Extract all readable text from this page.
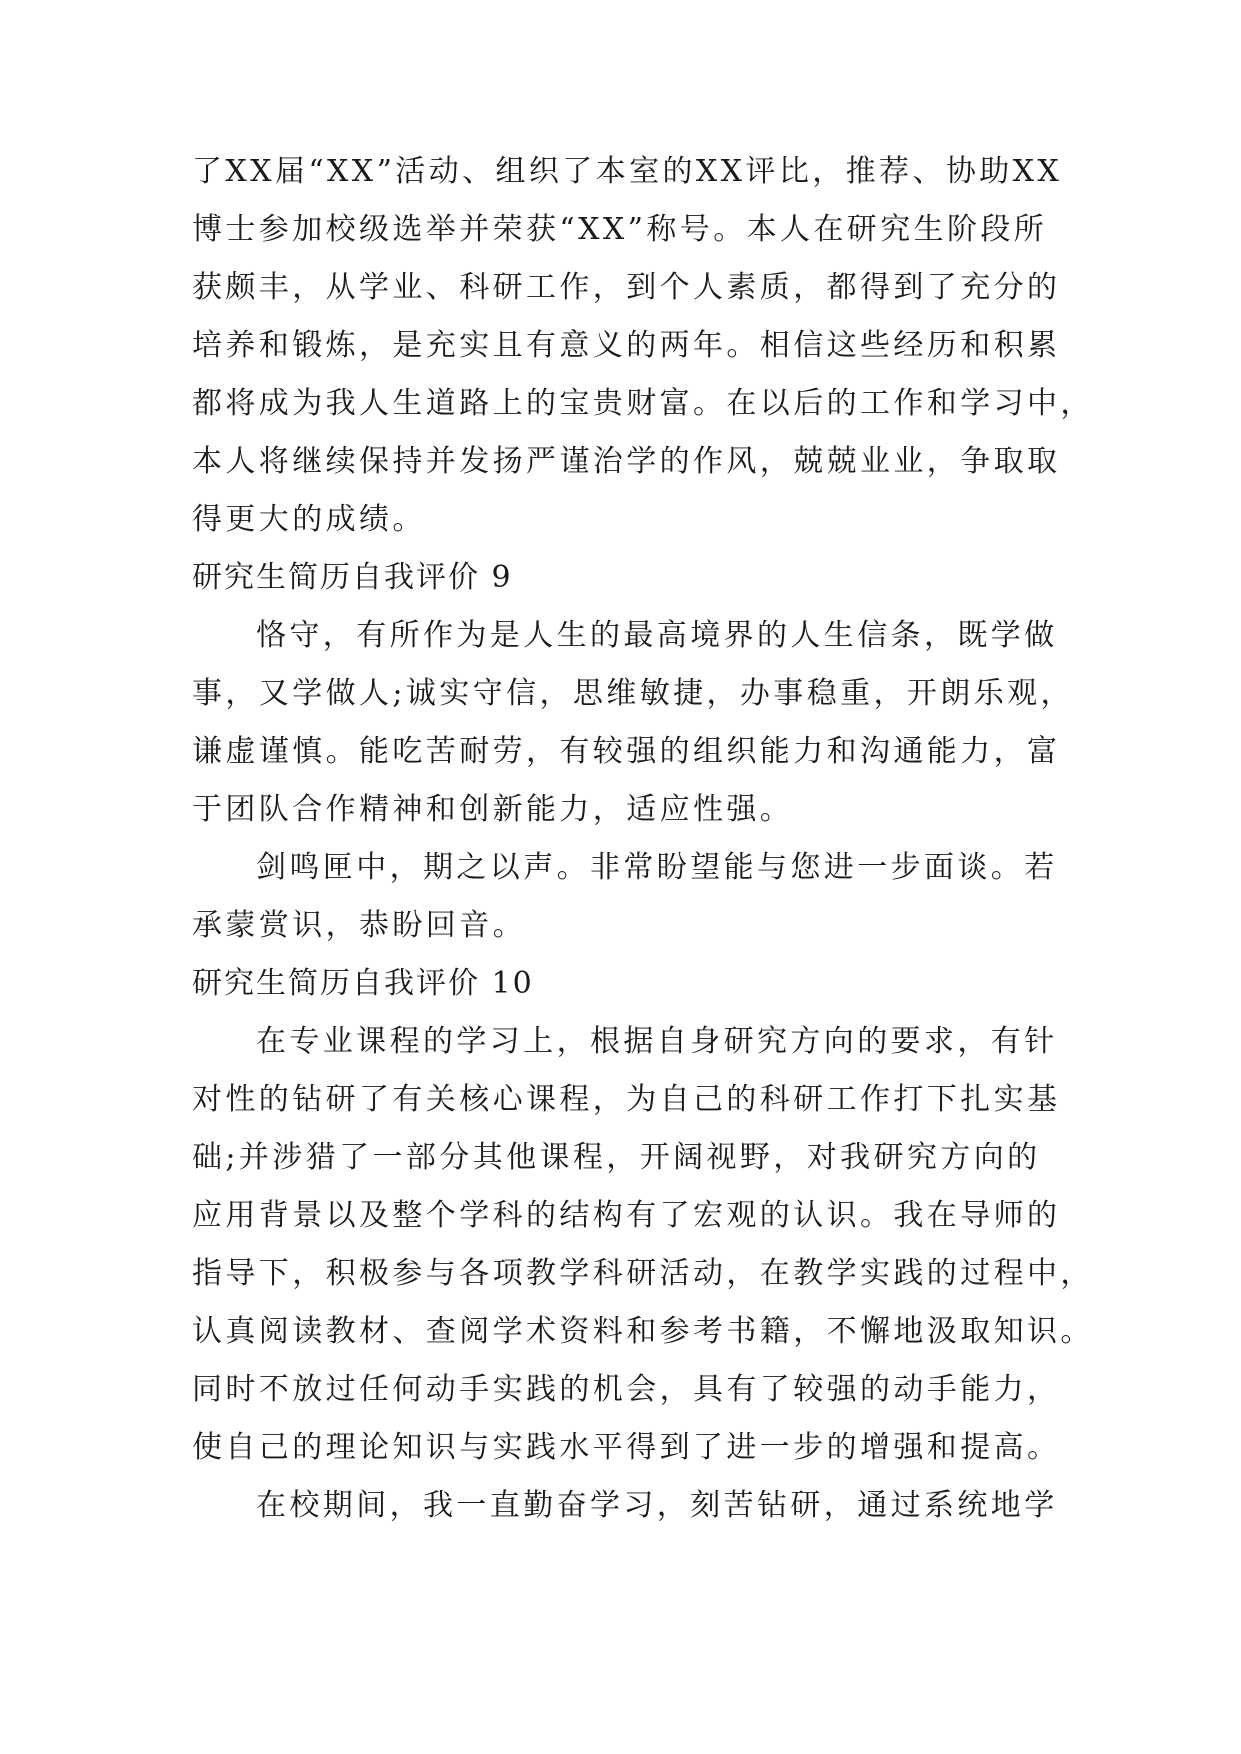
了XX届“XX”活动、组织了本室的XX评比，推荐、协助XX
博士参加校级选举并荣获“XX”称号。本人在研究生阶段所
获颇丰，从学业、科研工作，到个人素质，都得到了充分的
培养和锻炼，是充实且有意义的两年。相信这些经历和积累
都将成为我人生道路上的宝贵财富。在以后的工作和学习中，
本人将继续保持并发扬严谨治学的作风，兢兢业业，争取取
得更大的成绩。
研究生简历自我评价 9
恪守，有所作为是人生的最高境界的人生信条，既学做
事，又学做人;诚实守信，思维敏捷，办事稳重，开朗乐观，
谦虚谨慎。能吃苦耐劳，有较强的组织能力和沟通能力，富
于团队合作精神和创新能力，适应性强。
剑鸣匣中，期之以声。非常盼望能与您进一步面谈。若
承蒙赏识，恭盼回音。
研究生简历自我评价 10
在专业课程的学习上，根据自身研究方向的要求，有针
对性的钻研了有关核心课程，为自己的科研工作打下扎实基
础;并涉猎了一部分其他课程，开阔视野，对我研究方向的
应用背景以及整个学科的结构有了宏观的认识。我在导师的
指导下，积极参与各项教学科研活动，在教学实践的过程中，
认真阅读教材、查阅学术资料和参考书籍，不懈地汲取知识。
同时不放过任何动手实践的机会，具有了较强的动手能力，
使自己的理论知识与实践水平得到了进一步的增强和提高。
在校期间，我一直勤奋学习，刻苦钻研，通过系统地学
